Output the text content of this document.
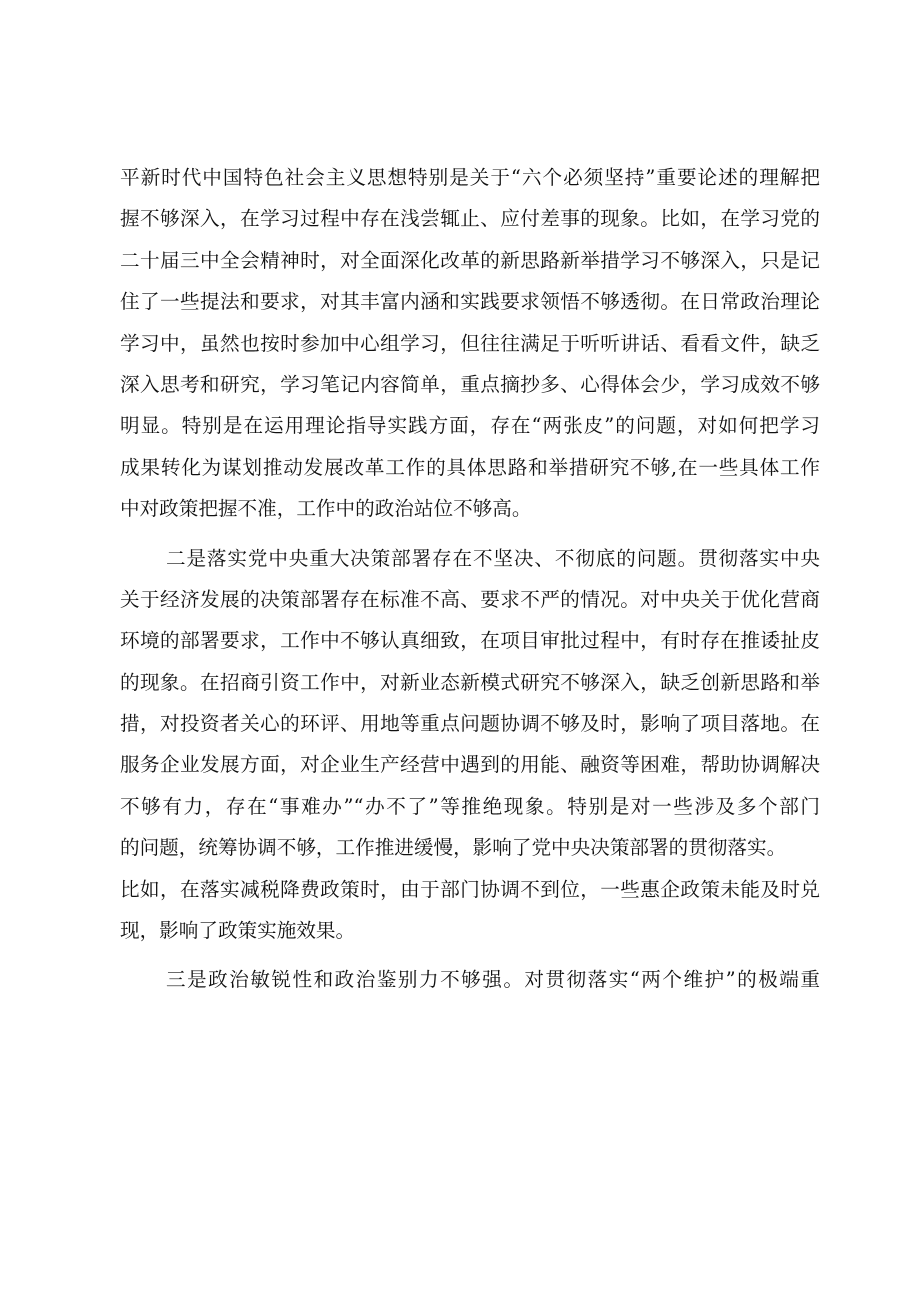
平新时代中国特色社会主义思想特别是关于“六个必须坚持”重要论述的理解把
握不够深入，在学习过程中存在浅尝辄止、应付差事的现象。比如，在学习党的
二十届三中全会精神时，对全面深化改革的新思路新举措学习不够深入，只是记
住了一些提法和要求，对其丰富内涵和实践要求领悟不够透彻。在日常政治理论
学习中，虽然也按时参加中心组学习，但往往满足于听听讲话、看看文件，缺乏
深入思考和研究，学习笔记内容简单，重点摘抄多、心得体会少，学习成效不够
明显。特别是在运用理论指导实践方面，存在“两张皮”的问题，对如何把学习
成果转化为谋划推动发展改革工作的具体思路和举措研究不够,在一些具体工作
中对政策把握不准，工作中的政治站位不够高。
二是落实党中央重大决策部署存在不坚决、不彻底的问题。贯彻落实中央
关于经济发展的决策部署存在标准不高、要求不严的情况。对中央关于优化营商
环境的部署要求，工作中不够认真细致，在项目审批过程中，有时存在推诿扯皮
的现象。在招商引资工作中，对新业态新模式研究不够深入，缺乏创新思路和举
措，对投资者关心的环评、用地等重点问题协调不够及时，影响了项目落地。在
服务企业发展方面，对企业生产经营中遇到的用能、融资等困难，帮助协调解决
不够有力，存在“事难办”“办不了”等推绝现象。特别是对一些涉及多个部门
的问题，统筹协调不够，工作推进缓慢，影响了党中央决策部署的贯彻落实。
比如，在落实减税降费政策时，由于部门协调不到位，一些惠企政策未能及时兑
现，影响了政策实施效果。
三是政治敏锐性和政治鉴别力不够强。对贯彻落实“两个维护”的极端重
